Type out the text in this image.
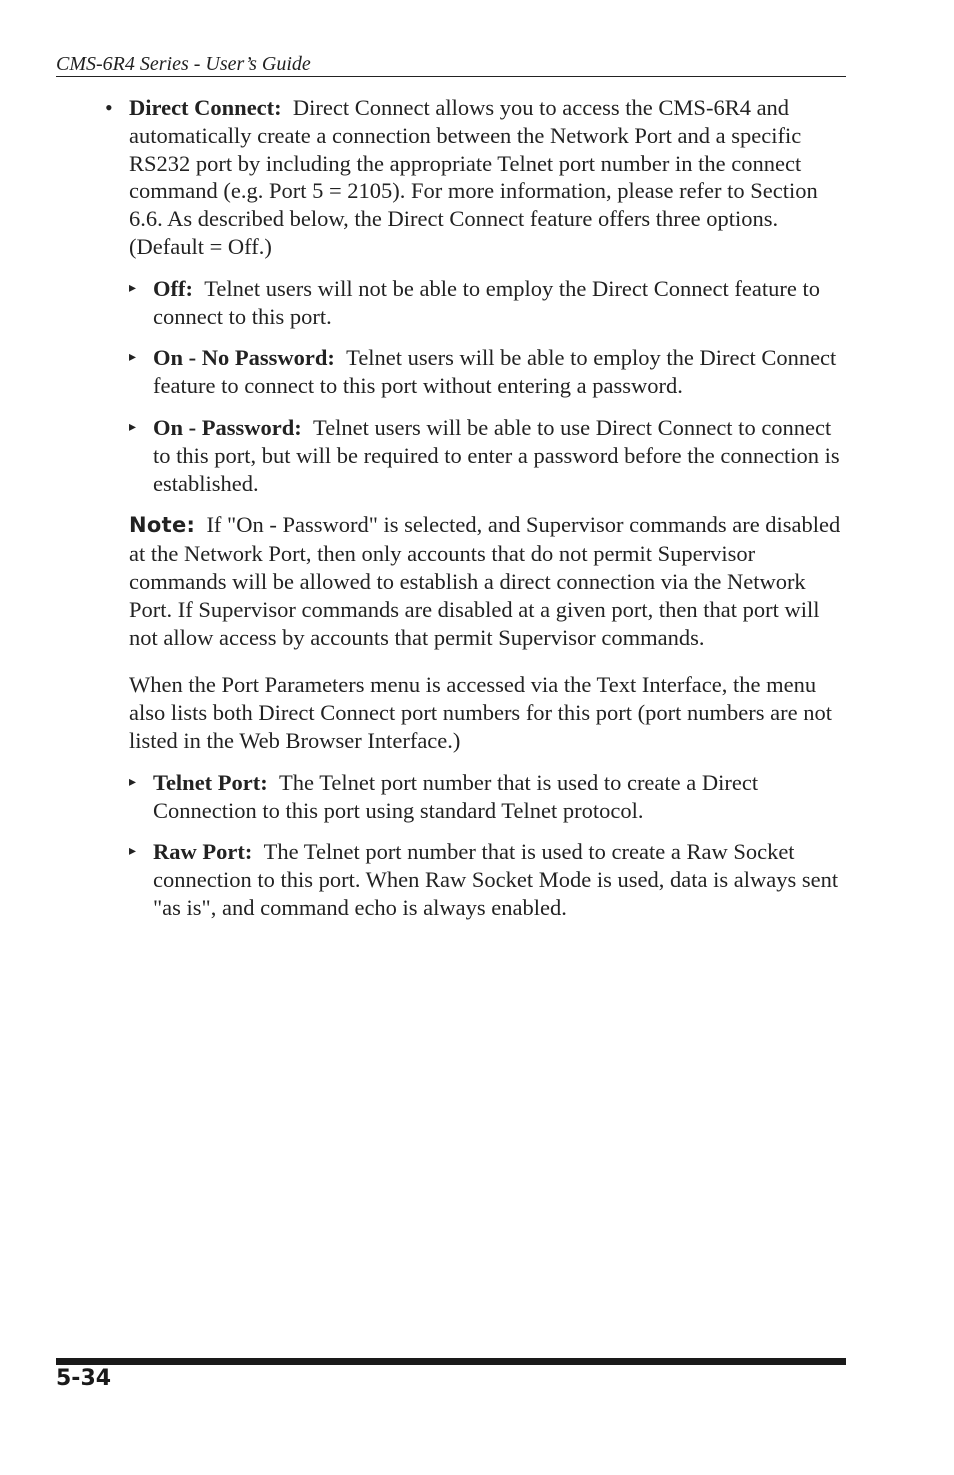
CMS-6R4 Series - User’s Guide
• Direct Connect: Direct Connect allows you to access the CMS-6R4 and automatically create a connection between the Network Port and a specific RS232 port by including the appropriate Telnet port number in the connect command (e.g. Port 5 = 2105). For more information, please refer to Section 6.6. As described below, the Direct Connect feature offers three options. (Default = Off.)
▸ Off: Telnet users will not be able to employ the Direct Connect feature to connect to this port.
▸ On - No Password: Telnet users will be able to employ the Direct Connect feature to connect to this port without entering a password.
▸ On - Password: Telnet users will be able to use Direct Connect to connect to this port, but will be required to enter a password before the connection is established.
Note: If "On - Password" is selected, and Supervisor commands are disabled at the Network Port, then only accounts that do not permit Supervisor commands will be allowed to establish a direct connection via the Network Port. If Supervisor commands are disabled at a given port, then that port will not allow access by accounts that permit Supervisor commands.
When the Port Parameters menu is accessed via the Text Interface, the menu also lists both Direct Connect port numbers for this port (port numbers are not listed in the Web Browser Interface.)
▸ Telnet Port: The Telnet port number that is used to create a Direct Connection to this port using standard Telnet protocol.
▸ Raw Port: The Telnet port number that is used to create a Raw Socket connection to this port. When Raw Socket Mode is used, data is always sent "as is", and command echo is always enabled.
5-34
